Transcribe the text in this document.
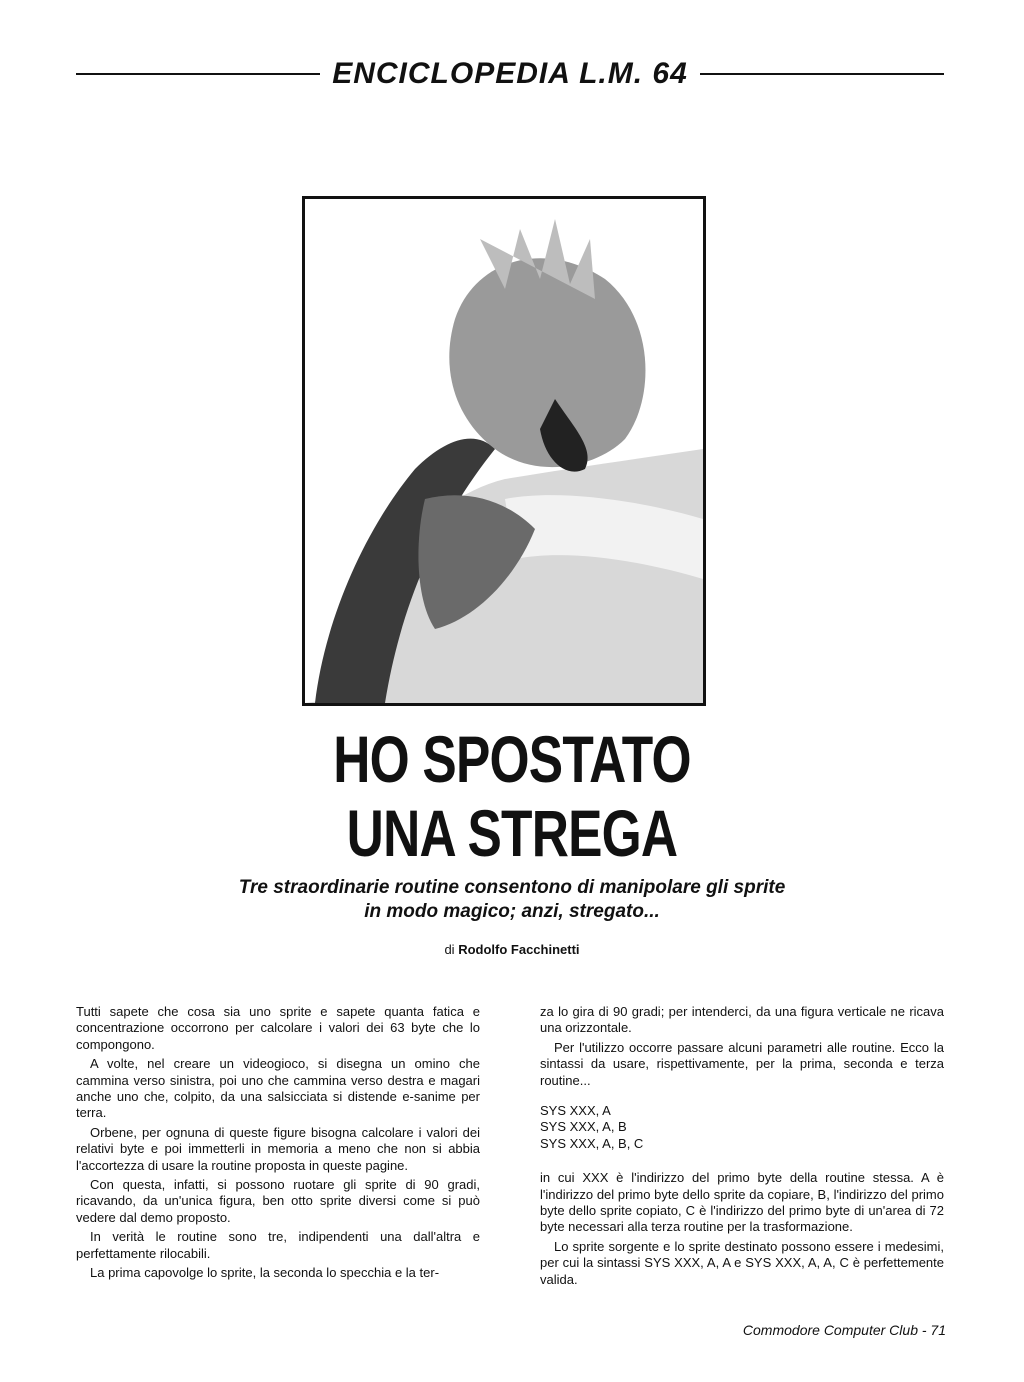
ENCICLOPEDIA L.M. 64
HO SPOSTATO
UNA STREGA
Tre straordinarie routine consentono di manipolare gli sprite
in modo magico; anzi, stregato...
di Rodolfo Facchinetti

Tutti sapete che cosa sia uno sprite e sapete quanta fatica e concentrazione occorrono per calcolare i valori dei 63 byte che lo compongono.

A volte, nel creare un videogioco, si disegna un omino che cammina verso sinistra, poi uno che cammina verso destra e magari anche uno che, colpito, da una salsicciata si distende e-sanime per terra.

Orbene, per ognuna di queste figure bisogna calcolare i valori dei relativi byte e poi immetterli in memoria a meno che non si abbia l'accortezza di usare la routine proposta in queste pagine.

Con questa, infatti, si possono ruotare gli sprite di 90 gradi, ricavando, da un'unica figura, ben otto sprite diversi come si può vedere dal demo proposto.

In verità le routine sono tre, indipendenti una dall'altra e perfettamente rilocabili.

La prima capovolge lo sprite, la seconda lo specchia e la ter-

za lo gira di 90 gradi; per intenderci, da una figura verticale ne ricava una orizzontale.

Per l'utilizzo occorre passare alcuni parametri alle routine. Ecco la sintassi da usare, rispettivamente, per la prima, seconda e terza routine...

SYS XXX, A
SYS XXX, A, B
SYS XXX, A, B, C

in cui XXX è l'indirizzo del primo byte della routine stessa. A è l'indirizzo del primo byte dello sprite da copiare, B, l'indirizzo del primo byte dello sprite copiato, C è l'indirizzo del primo byte di un'area di 72 byte necessari alla terza routine per la trasformazione.

Lo sprite sorgente e lo sprite destinato possono essere i medesimi, per cui la sintassi SYS XXX, A, A e SYS XXX, A, A, C è perfettemente valida.

Commodore Computer Club - 71
